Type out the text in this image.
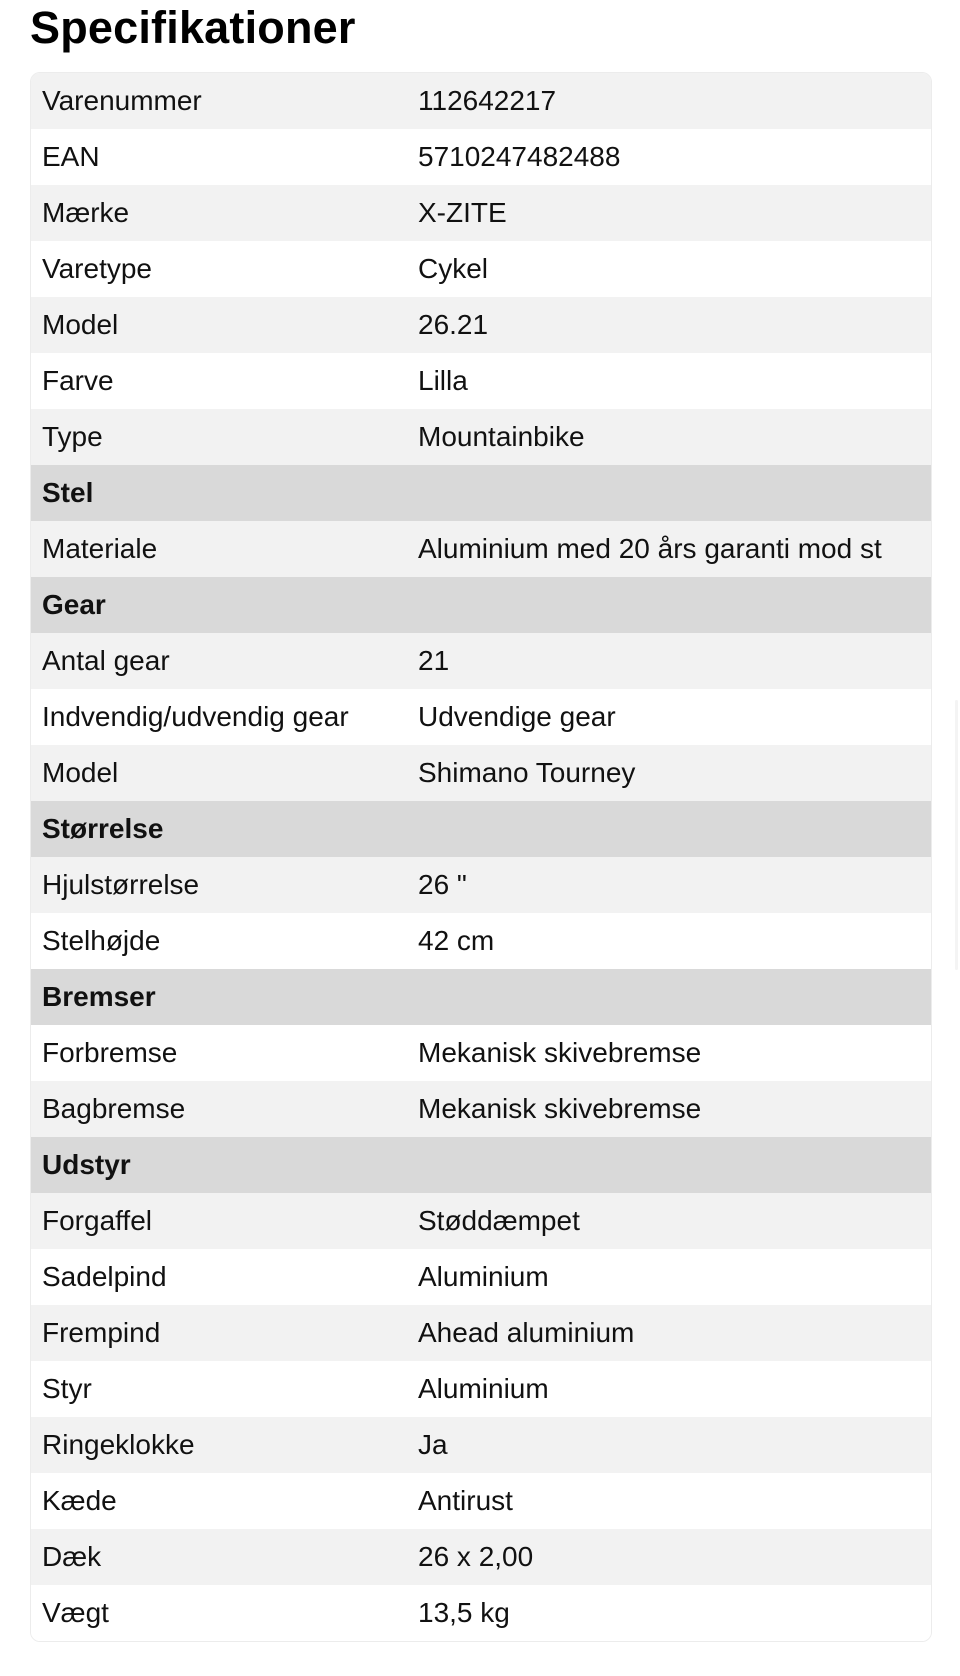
Specifikationer
Varenummer	112642217
EAN	5710247482488
Mærke	X-ZITE
Varetype	Cykel
Model	26.21
Farve	Lilla
Type	Mountainbike
Stel
Materiale	Aluminium med 20 års garanti mod st
Gear
Antal gear	21
Indvendig/udvendig gear	Udvendige gear
Model	Shimano Tourney
Størrelse
Hjulstørrelse	26 "
Stelhøjde	42 cm
Bremser
Forbremse	Mekanisk skivebremse
Bagbremse	Mekanisk skivebremse
Udstyr
Forgaffel	Støddæmpet
Sadelpind	Aluminium
Frempind	Ahead aluminium
Styr	Aluminium
Ringeklokke	Ja
Kæde	Antirust
Dæk	26 x 2,00
Vægt	13,5 kg
